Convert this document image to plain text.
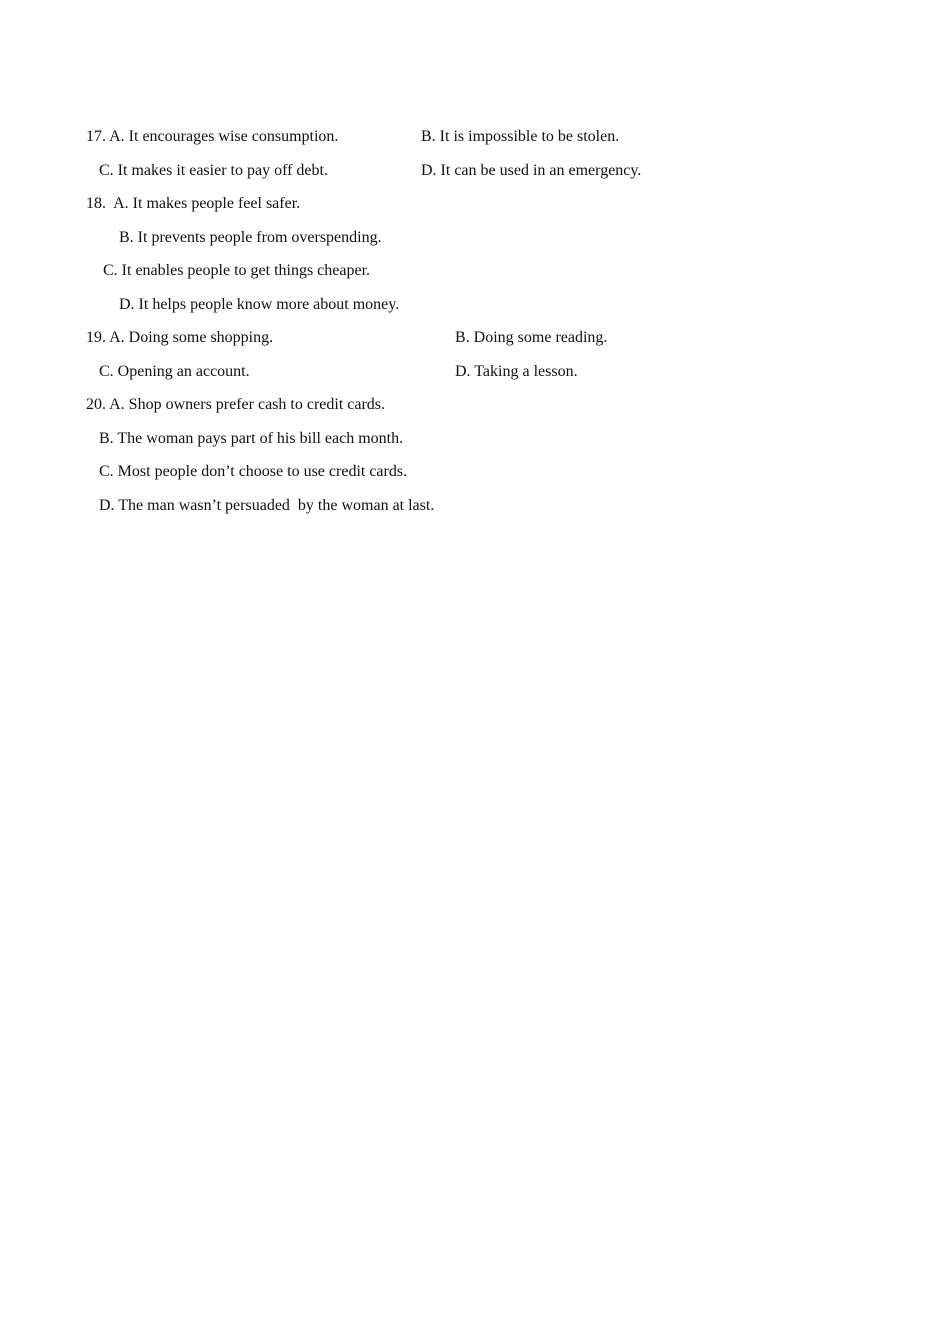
17. A. It encourages wise consumption.	B. It is impossible to be stolen.
C. It makes it easier to pay off debt.	D. It can be used in an emergency.
18. A. It makes people feel safer.
B. It prevents people from overspending.
C. It enables people to get things cheaper.
D. It helps people know more about money.
19. A. Doing some shopping.	B. Doing some reading.
C. Opening an account.	D. Taking a lesson.
20. A. Shop owners prefer cash to credit cards.
B. The woman pays part of his bill each month.
C. Most people don’t choose to use credit cards.
D. The man wasn’t persuaded  by the woman at last.
